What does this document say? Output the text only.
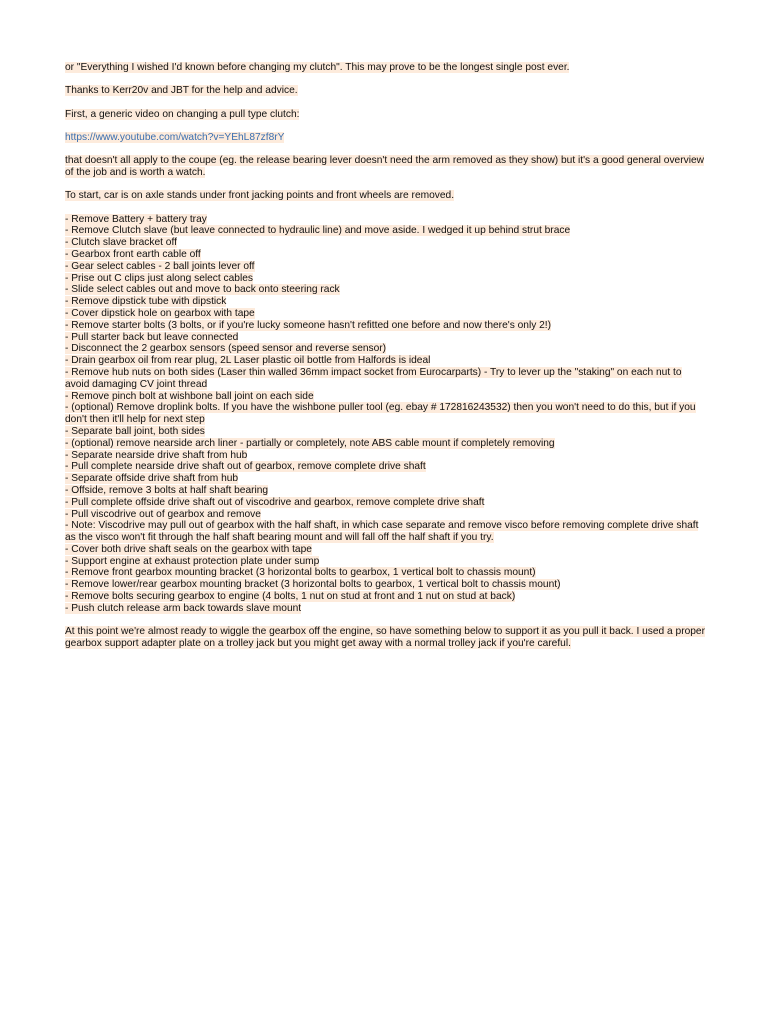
or "Everything I wished I'd known before changing my clutch". This may prove to be the longest single post ever.

Thanks to Kerr20v and JBT for the help and advice.

First, a generic video on changing a pull type clutch:

https://www.youtube.com/watch?v=YEhL87zf8rY

that doesn't all apply to the coupe (eg. the release bearing lever doesn't need the arm removed as they show) but it's a good general overview of the job and is worth a watch.

To start, car is on axle stands under front jacking points and front wheels are removed.

- Remove Battery + battery tray
- Remove Clutch slave (but leave connected to hydraulic line) and move aside. I wedged it up behind strut brace
- Clutch slave bracket off
- Gearbox front earth cable off
- Gear select cables - 2 ball joints lever off
- Prise out C clips just along select cables
- Slide select cables out and move to back onto steering rack
- Remove dipstick tube with dipstick
- Cover dipstick hole on gearbox with tape
- Remove starter bolts (3 bolts, or if you're lucky someone hasn't refitted one before and now there's only 2!)
- Pull starter back but leave connected
- Disconnect the 2 gearbox sensors (speed sensor and reverse sensor)
- Drain gearbox oil from rear plug, 2L Laser plastic oil bottle from Halfords is ideal
- Remove hub nuts on both sides (Laser thin walled 36mm impact socket from Eurocarparts) - Try to lever up the "staking" on each nut to avoid damaging CV joint thread
- Remove pinch bolt at wishbone ball joint on each side
- (optional) Remove droplink bolts. If you have the wishbone puller tool (eg. ebay # 172816243532) then you won't need to do this, but if you don't then it'll help for next step
- Separate ball joint, both sides
- (optional) remove nearside arch liner - partially or completely, note ABS cable mount if completely removing
- Separate nearside drive shaft from hub
- Pull complete nearside drive shaft out of gearbox, remove complete drive shaft
- Separate offside drive shaft from hub
- Offside, remove 3 bolts at half shaft bearing
- Pull complete offside drive shaft out of viscodrive and gearbox, remove complete drive shaft
- Pull viscodrive out of gearbox and remove
- Note: Viscodrive may pull out of gearbox with the half shaft, in which case separate and remove visco before removing complete drive shaft as the visco won't fit through the half shaft bearing mount and will fall off the half shaft if you try.
- Cover both drive shaft seals on the gearbox with tape
- Support engine at exhaust protection plate under sump
- Remove front gearbox mounting bracket (3 horizontal bolts to gearbox, 1 vertical bolt to chassis mount)
- Remove lower/rear gearbox mounting bracket (3 horizontal bolts to gearbox, 1 vertical bolt to chassis mount)
- Remove bolts securing gearbox to engine (4 bolts, 1 nut on stud at front and 1 nut on stud at back)
- Push clutch release arm back towards slave mount

At this point we're almost ready to wiggle the gearbox off the engine, so have something below to support it as you pull it back. I used a proper gearbox support adapter plate on a trolley jack but you might get away with a normal trolley jack if you're careful.
